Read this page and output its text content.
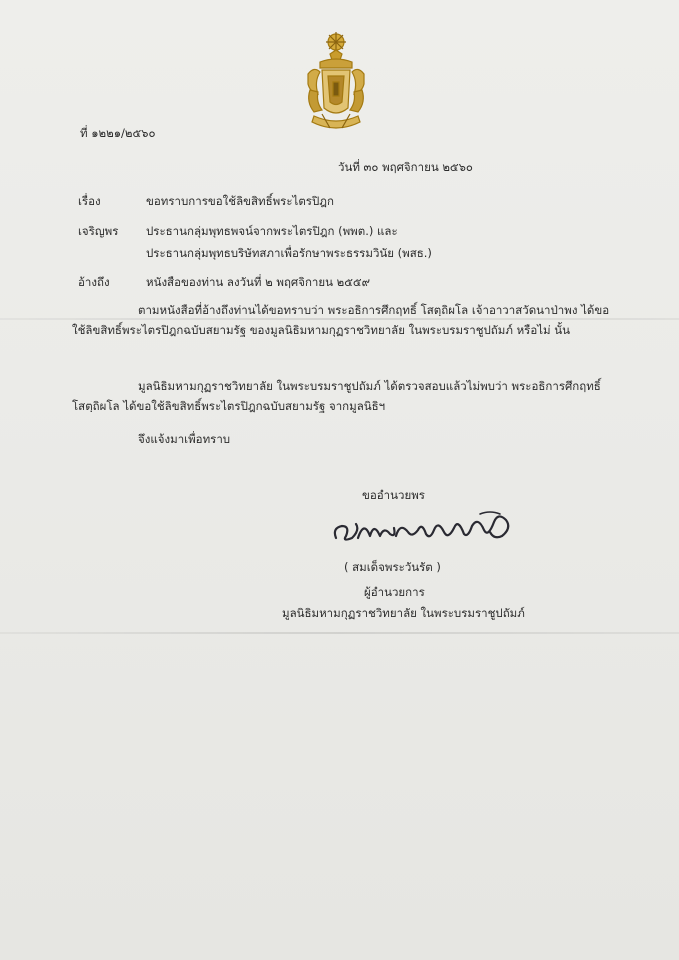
ที่ ๑๒๒๑/๒๕๖๐
วันที่ ๓๐ พฤศจิกายน ๒๕๖๐
เรื่อง	ขอทราบการขอใช้ลิขสิทธิ์พระไตรปิฎก
เจริญพร ประธานกลุ่มพุทธพจน์จากพระไตรปิฎก (พพต.) และ
ประธานกลุ่มพุทธบริษัทสภาเพื่อรักษาพระธรรมวินัย (พสธ.)
อ้างถึง	หนังสือของท่าน ลงวันที่ ๒ พฤศจิกายน ๒๕๕๙
ตามหนังสือที่อ้างถึงท่านได้ขอทราบว่า พระอธิการศึกฤทธิ์ โสตฺถิผโล เจ้าอาวาสวัดนาป่าพง ได้ขอใช้ลิขสิทธิ์พระไตรปิฎกฉบับสยามรัฐ ของมูลนิธิมหามกุฏราชวิทยาลัย ในพระบรมราชูปถัมภ์ หรือไม่ นั้น
มูลนิธิมหามกุฏราชวิทยาลัย ในพระบรมราชูปถัมภ์ ได้ตรวจสอบแล้วไม่พบว่า พระอธิการศึกฤทธิ์ โสตฺถิผโล ได้ขอใช้ลิขสิทธิ์พระไตรปิฎกฉบับสยามรัฐ จากมูลนิธิฯ
จึงแจ้งมาเพื่อทราบ
ขออำนวยพร
( สมเด็จพระวันรัต )
ผู้อำนวยการ
มูลนิธิมหามกุฏราชวิทยาลัย ในพระบรมราชูปถัมภ์
